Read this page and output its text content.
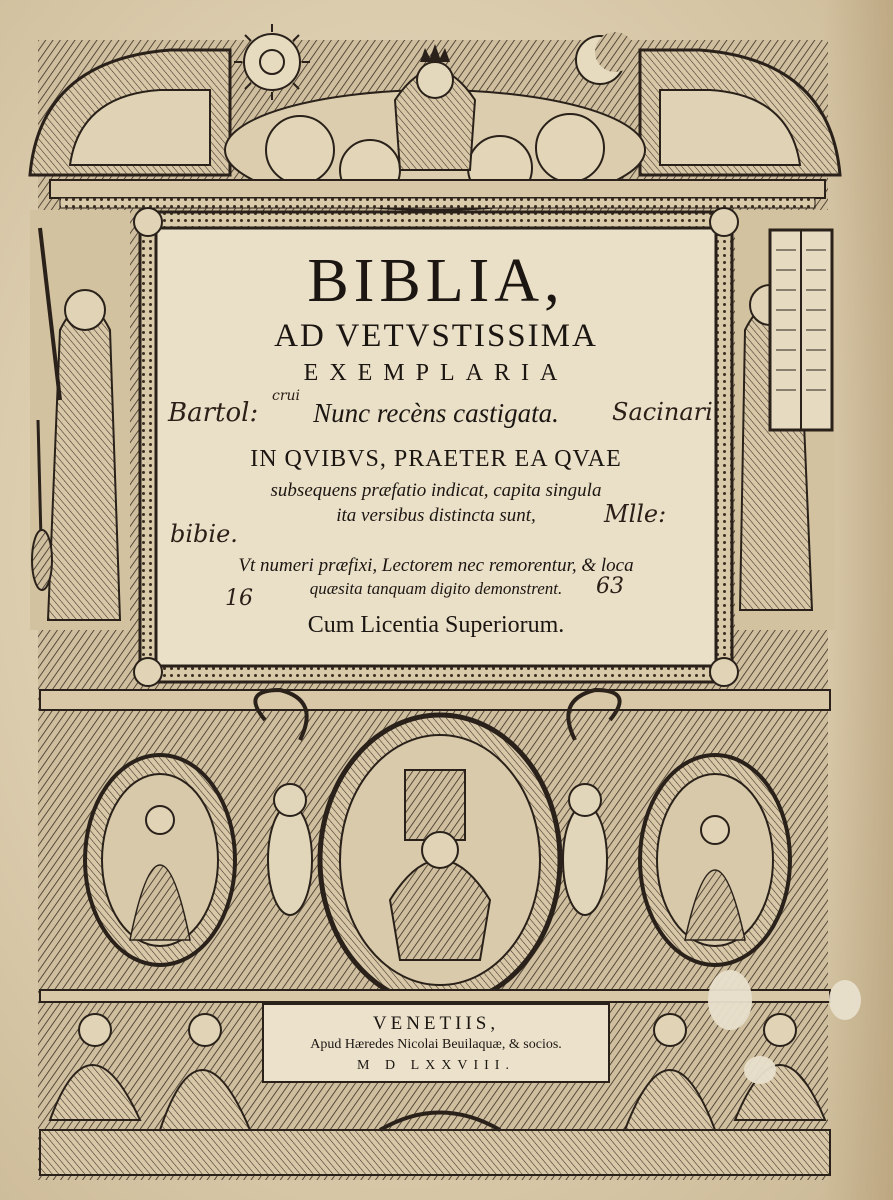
BIBLIA,
AD VETVSTISSIMA
EXEMPLARIA
Nunc recèns castigata.
IN QVIBVS, PRAETER EA QVAE
subsequens præfatio indicat, capita singula
ita versibus distincta sunt,
Vt numeri præfixi, Lectorem nec remorentur, & loca
quæsita tanquam digito demonstrent.
Cum Licentia Superiorum.
Bartol:
crui
Sacinari
bibie.
Mlle:
16	63
VENETIIS,
Apud Hæredes Nicolai Beuilaquæ, & socios.
M D LXXVIII.
